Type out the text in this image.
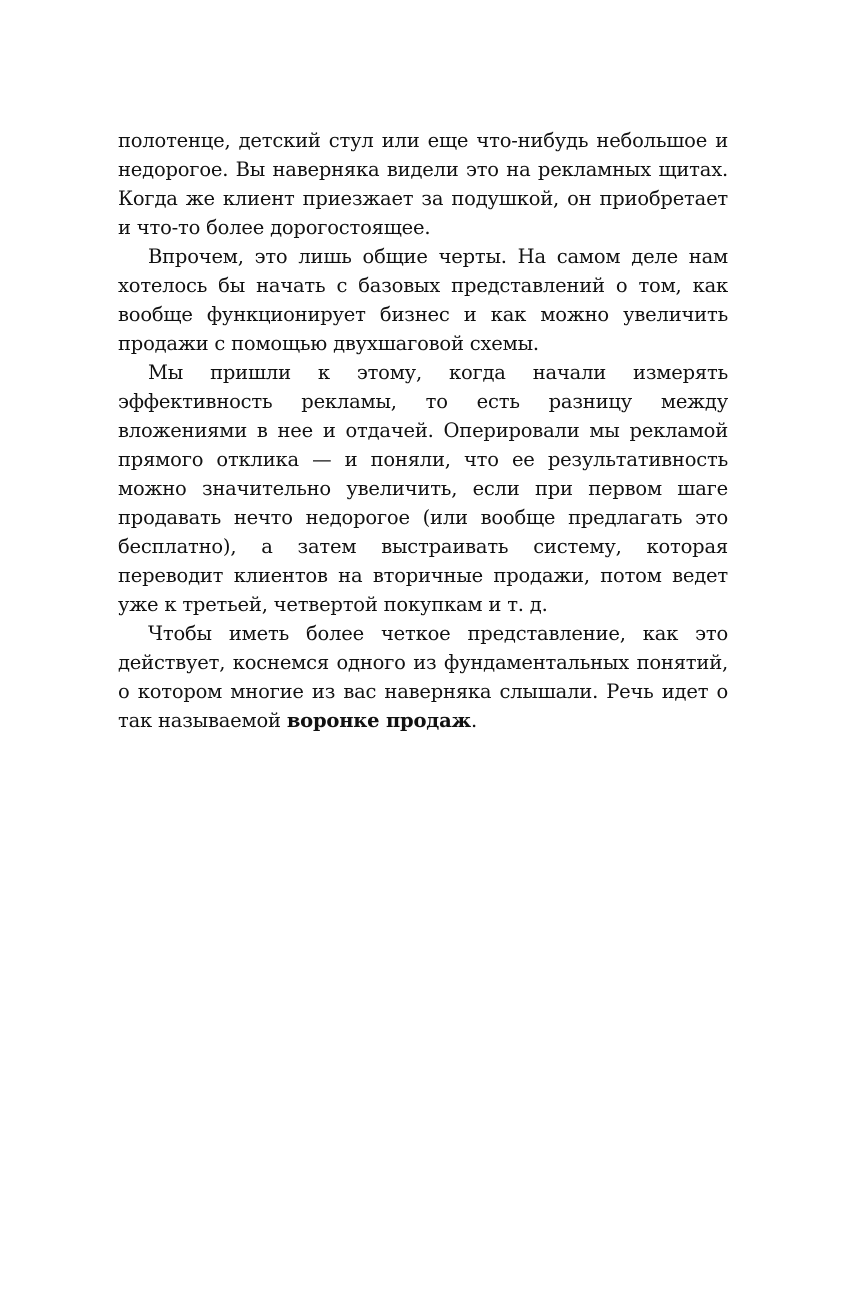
полотенце, детский стул или еще что-нибудь небольшое и недорогое. Вы наверняка видели это на рекламных щитах. Когда же клиент приезжает за подушкой, он приобретает и что-то более дорогостоящее.

Впрочем, это лишь общие черты. На самом деле нам хотелось бы начать с базовых представлений о том, как вообще функционирует бизнес и как можно увеличить продажи с помощью двухшаговой схемы.

Мы пришли к этому, когда начали измерять эффективность рекламы, то есть разницу между вложениями в нее и отдачей. Оперировали мы рекламой прямого отклика — и поняли, что ее результативность можно значительно увеличить, если при первом шаге продавать нечто недорогое (или вообще предлагать это бесплатно), а затем выстраивать систему, которая переводит клиентов на вторичные продажи, потом ведет уже к третьей, четвертой покупкам и т. д.

Чтобы иметь более четкое представление, как это действует, коснемся одного из фундаментальных понятий, о котором многие из вас наверняка слышали. Речь идет о так называемой воронке продаж.
